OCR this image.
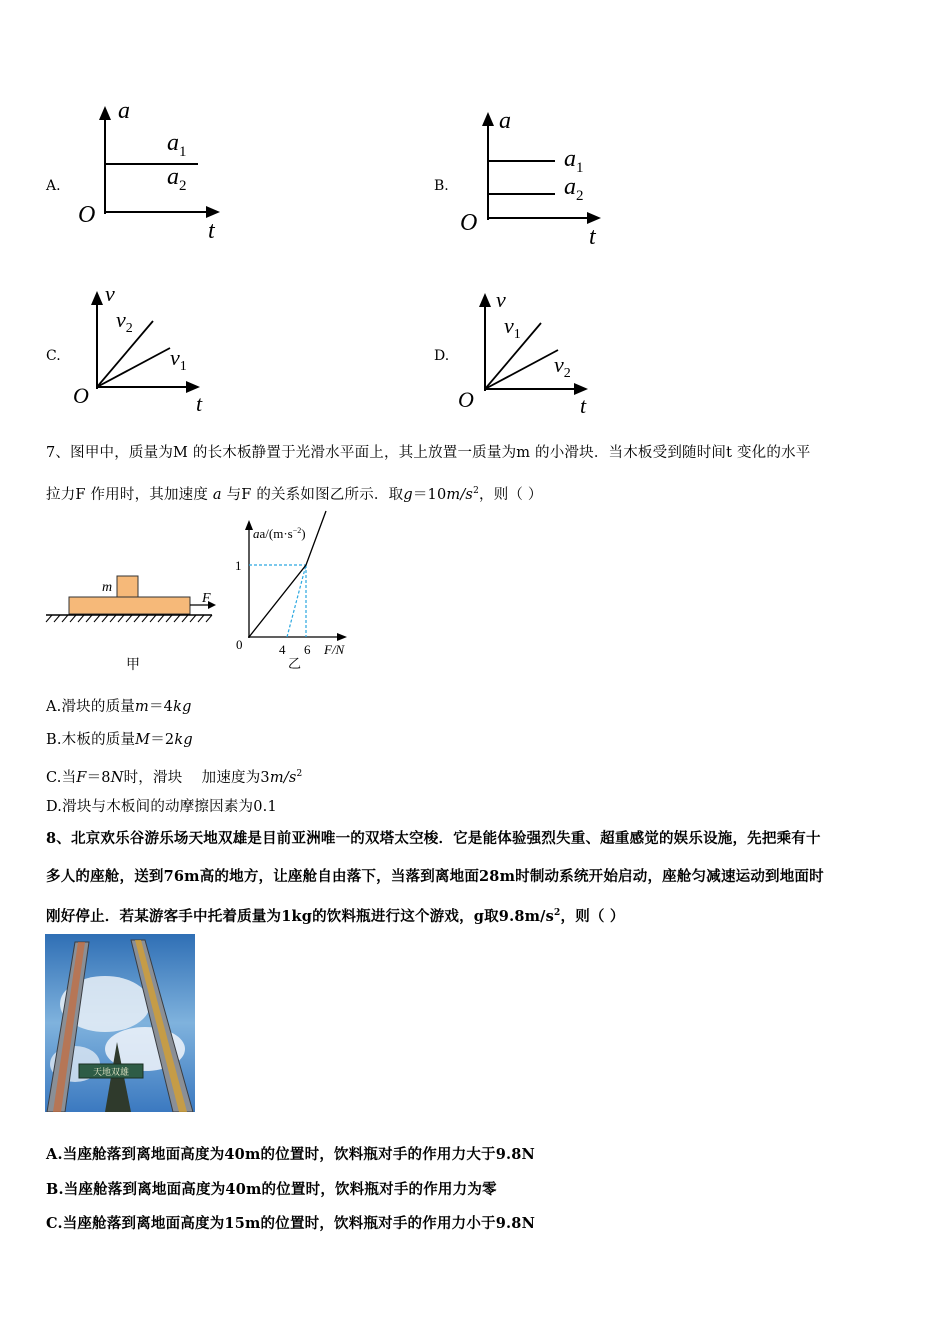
A.
a
t
O
$a_1$
$a_2$	B.
a
t
O
$a_1$
$a_2$
C.
v
t
O
$v_2$
$v_1$
D.
v
t
O
$v_1$
$v_2$
7、图甲中，质量为M 的长木板静置于光滑水平面上，其上放置一质量为m 的小滑块．当木板受到随时间t 变化的水平
拉力F 作用时，其加速度 a 与F 的关系如图乙所示．取$g=10m/s^2$，则（ ）
m
F
甲
$aa/(m\cdot s^{-2})$
1
0	4 6 F/N
乙
A.滑块的质量m＝4kg
B.木板的质量M＝2kg
C.当F＝8N时，滑块    加速度为$3m/s^2$
D.滑块与木板间的动摩擦因素为0.1
8、北京欢乐谷游乐场天地双雄是目前亚洲唯一的双塔太空梭．它是能体验强烈失重、超重感觉的娱乐设施，先把乘有十
多人的座舱，送到76m高的地方，让座舱自由落下，当落到离地面28m时制动系统开始启动，座舱匀减速运动到地面时
刚好停止．若某游客手中托着质量为1kg的饮料瓶进行这个游戏，g取$9.8m/s^2$，则（ ）
天地双雄
A.当座舱落到离地面高度为40m的位置时，饮料瓶对手的作用力大于9.8N
B.当座舱落到离地面高度为40m的位置时，饮料瓶对手的作用力为零
C.当座舱落到离地面高度为15m的位置时，饮料瓶对手的作用力小于9.8N
